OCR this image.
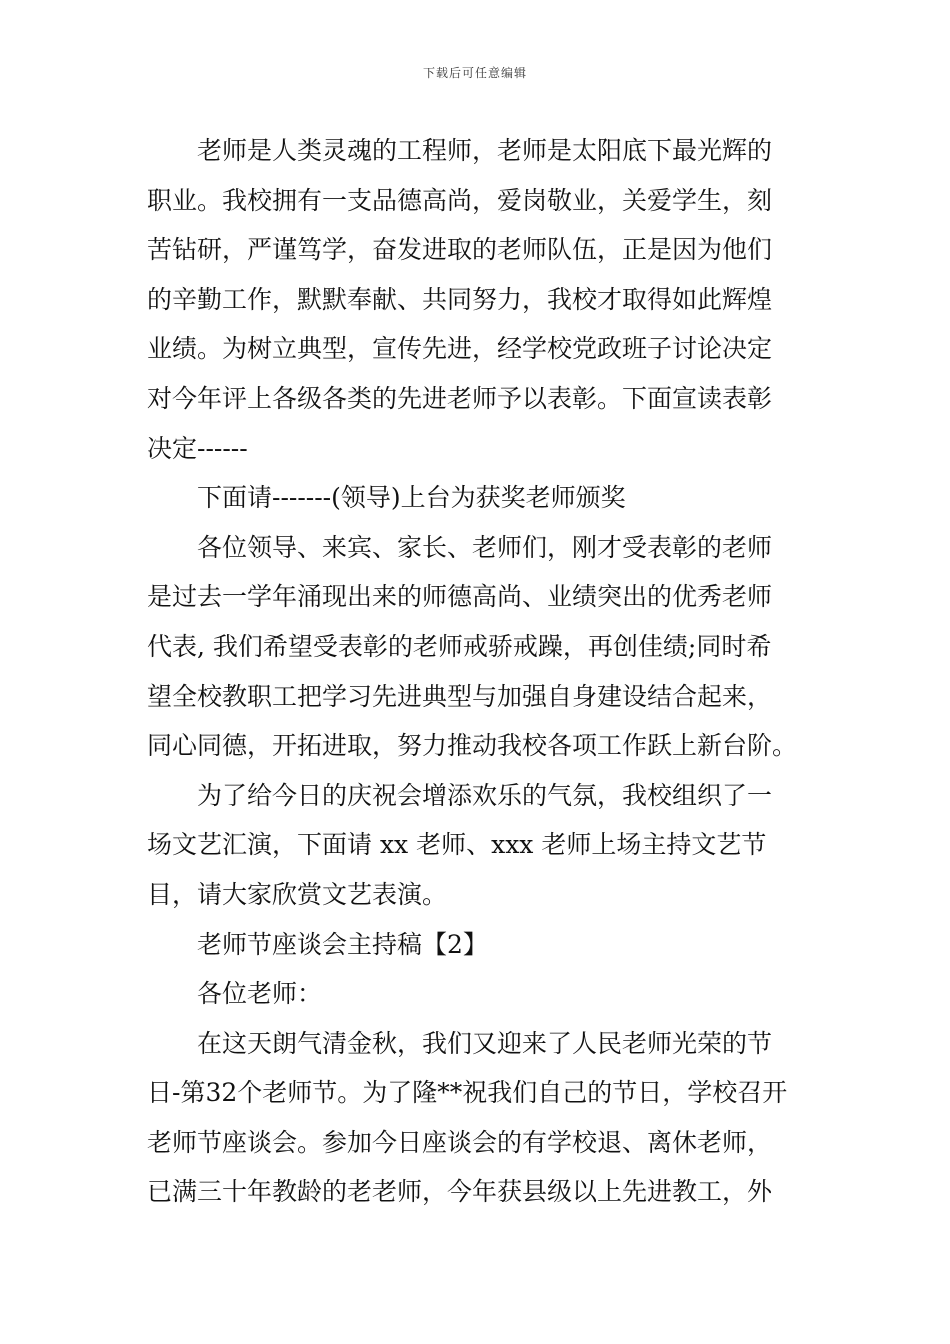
下载后可任意编辑
老师是人类灵魂的工程师，老师是太阳底下最光辉的
职业。我校拥有一支品德高尚，爱岗敬业，关爱学生，刻
苦钻研，严谨笃学，奋发进取的老师队伍，正是因为他们
的辛勤工作，默默奉献、共同努力，我校才取得如此辉煌
业绩。为树立典型，宣传先进，经学校党政班子讨论决定
对今年评上各级各类的先进老师予以表彰。下面宣读表彰
决定------
下面请-------(领导)上台为获奖老师颁奖
各位领导、来宾、家长、老师们，刚才受表彰的老师
是过去一学年涌现出来的师德高尚、业绩突出的优秀老师
代表, 我们希望受表彰的老师戒骄戒躁，再创佳绩;同时希
望全校教职工把学习先进典型与加强自身建设结合起来，
同心同德，开拓进取，努力推动我校各项工作跃上新台阶。
为了给今日的庆祝会增添欢乐的气氛，我校组织了一
场文艺汇演，下面请 xx 老师、xxx 老师上场主持文艺节
目，请大家欣赏文艺表演。
老师节座谈会主持稿【2】
各位老师：
在这天朗气清金秋，我们又迎来了人民老师光荣的节
日-第32个老师节。为了隆**祝我们自己的节日，学校召开
老师节座谈会。参加今日座谈会的有学校退、离休老师，
已满三十年教龄的老老师，今年获县级以上先进教工，外
